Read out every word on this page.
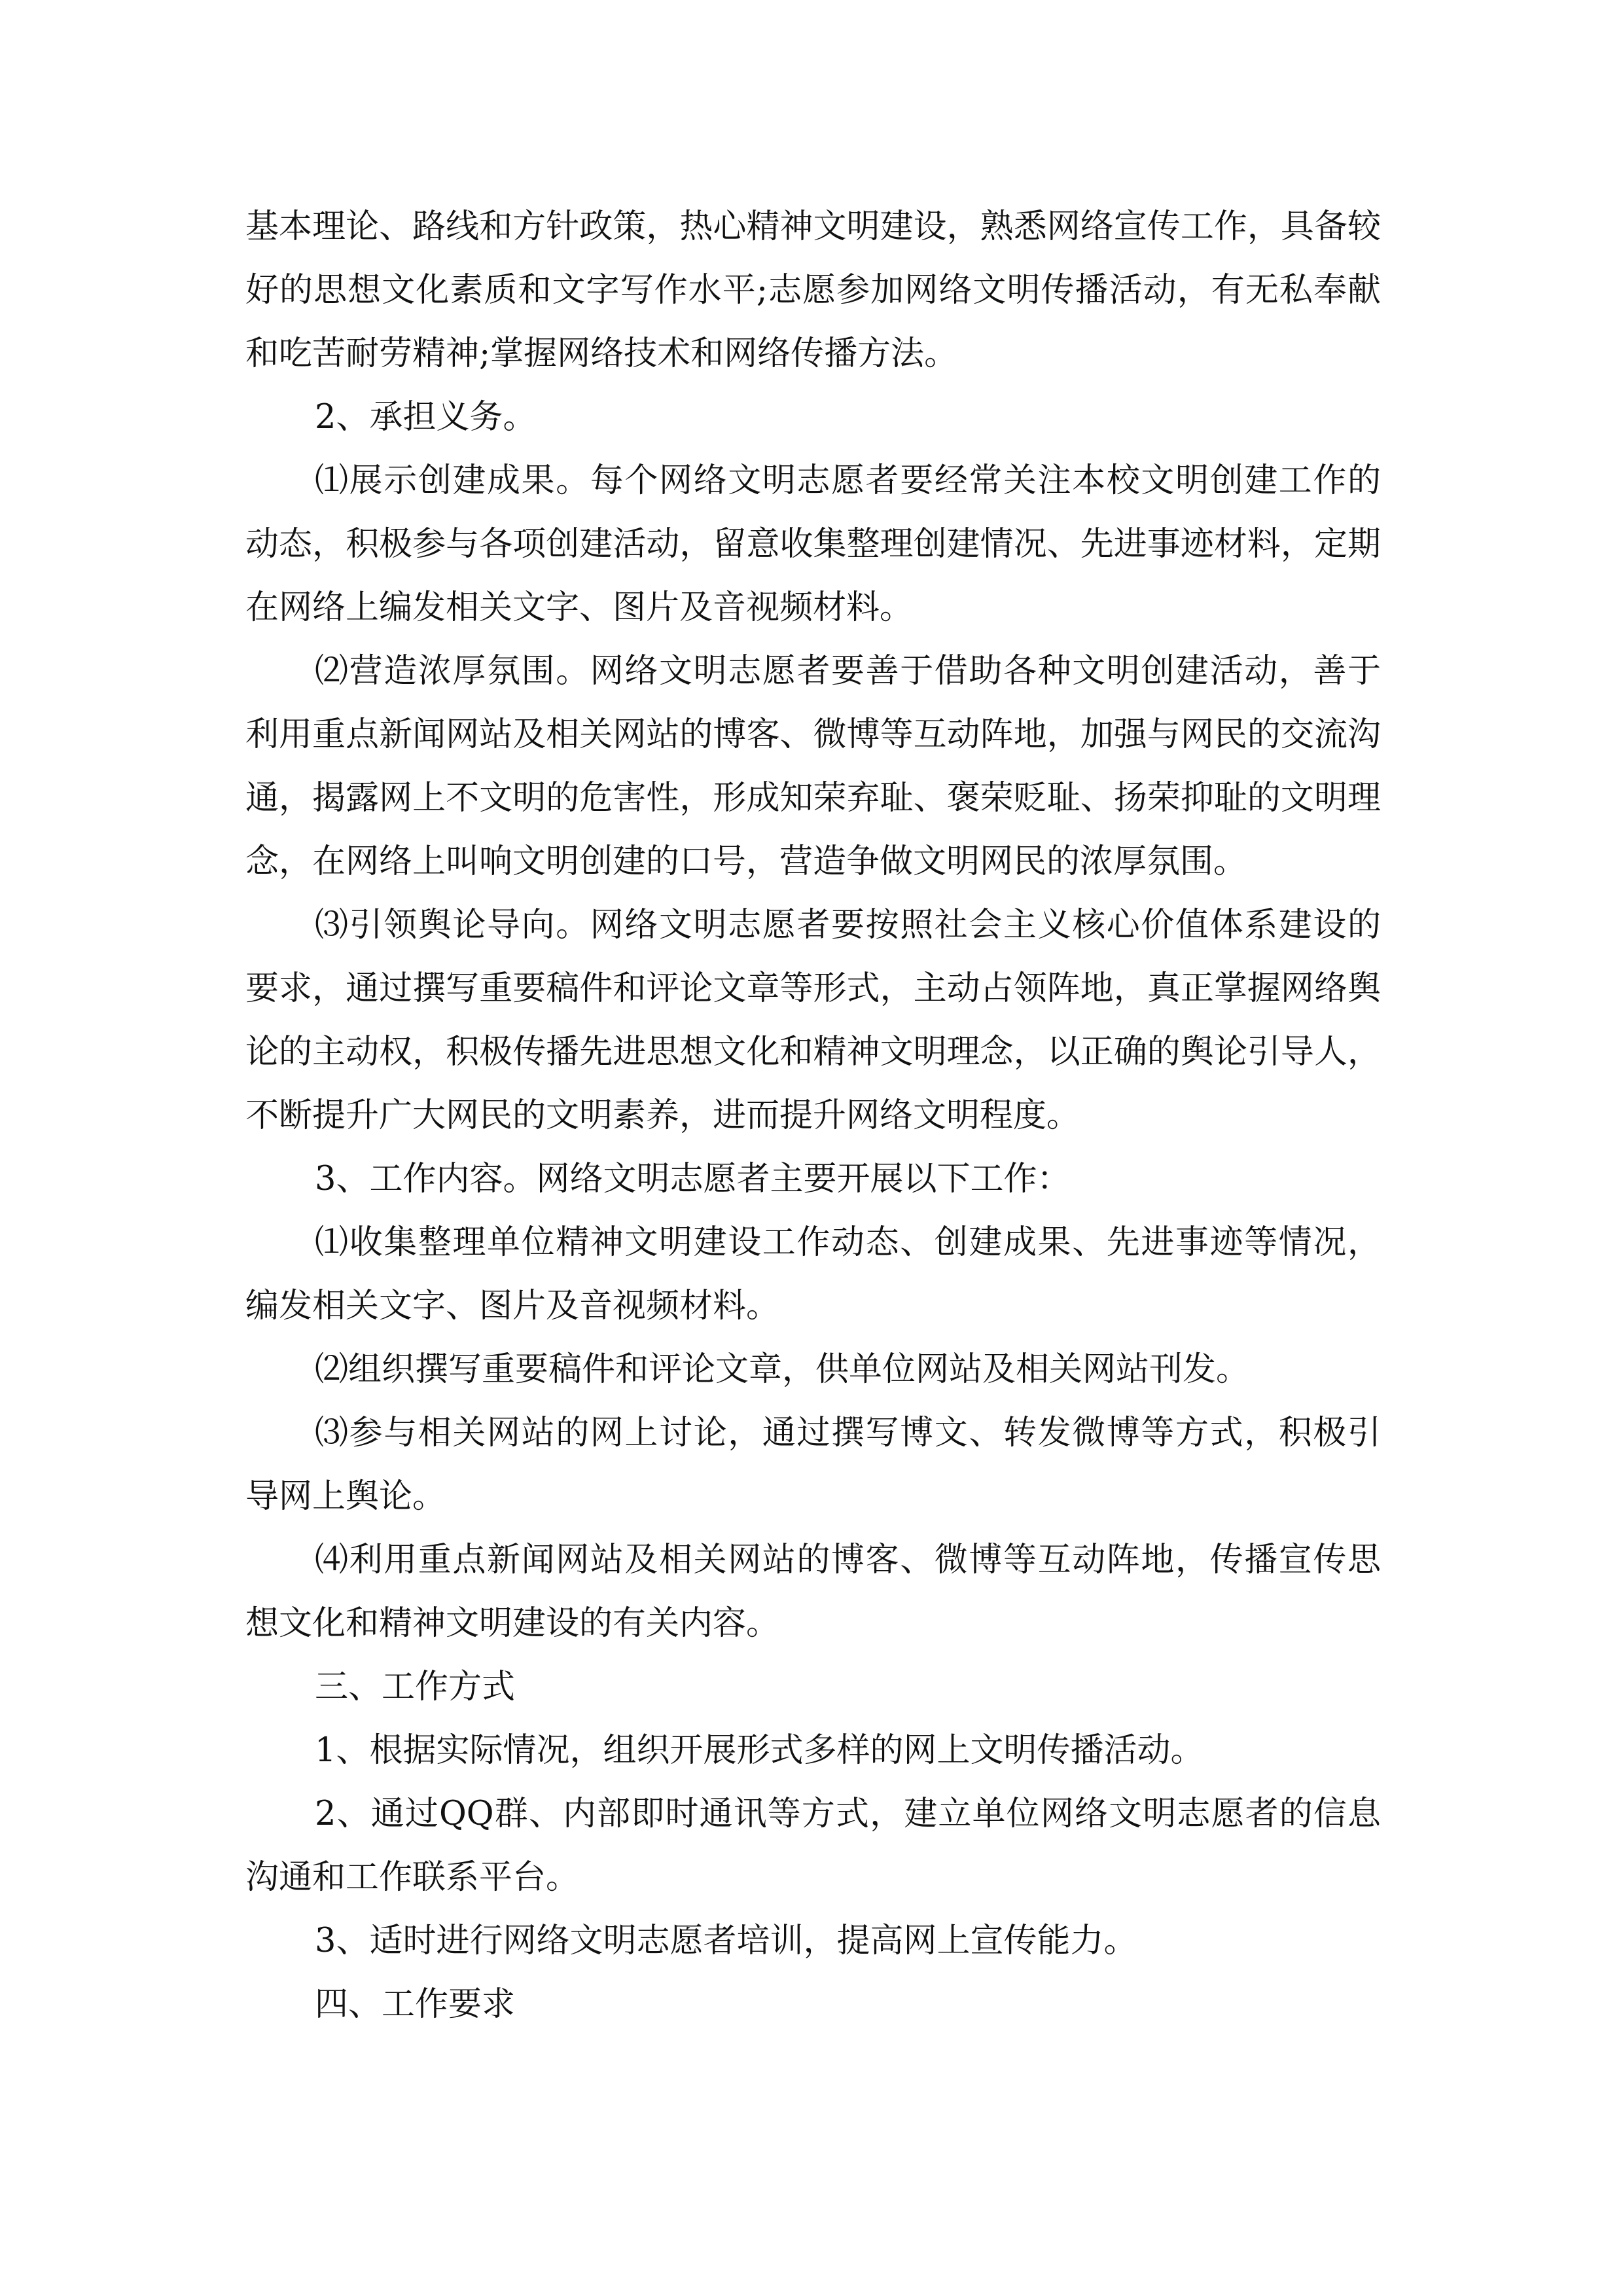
基本理论、路线和方针政策，热心精神文明建设，熟悉网络宣传工作，具备较好的思想文化素质和文字写作水平;志愿参加网络文明传播活动，有无私奉献和吃苦耐劳精神;掌握网络技术和网络传播方法。

2、承担义务。

⑴展示创建成果。每个网络文明志愿者要经常关注本校文明创建工作的动态，积极参与各项创建活动，留意收集整理创建情况、先进事迹材料，定期在网络上编发相关文字、图片及音视频材料。

⑵营造浓厚氛围。网络文明志愿者要善于借助各种文明创建活动，善于利用重点新闻网站及相关网站的博客、微博等互动阵地，加强与网民的交流沟通，揭露网上不文明的危害性，形成知荣弃耻、褒荣贬耻、扬荣抑耻的文明理念，在网络上叫响文明创建的口号，营造争做文明网民的浓厚氛围。

⑶引领舆论导向。网络文明志愿者要按照社会主义核心价值体系建设的要求，通过撰写重要稿件和评论文章等形式，主动占领阵地，真正掌握网络舆论的主动权，积极传播先进思想文化和精神文明理念，以正确的舆论引导人，不断提升广大网民的文明素养，进而提升网络文明程度。

3、工作内容。网络文明志愿者主要开展以下工作：

⑴收集整理单位精神文明建设工作动态、创建成果、先进事迹等情况，编发相关文字、图片及音视频材料。

⑵组织撰写重要稿件和评论文章，供单位网站及相关网站刊发。

⑶参与相关网站的网上讨论，通过撰写博文、转发微博等方式，积极引导网上舆论。

⑷利用重点新闻网站及相关网站的博客、微博等互动阵地，传播宣传思想文化和精神文明建设的有关内容。

三、工作方式

1、根据实际情况，组织开展形式多样的网上文明传播活动。

2、通过QQ群、内部即时通讯等方式，建立单位网络文明志愿者的信息沟通和工作联系平台。

3、适时进行网络文明志愿者培训，提高网上宣传能力。

四、工作要求
